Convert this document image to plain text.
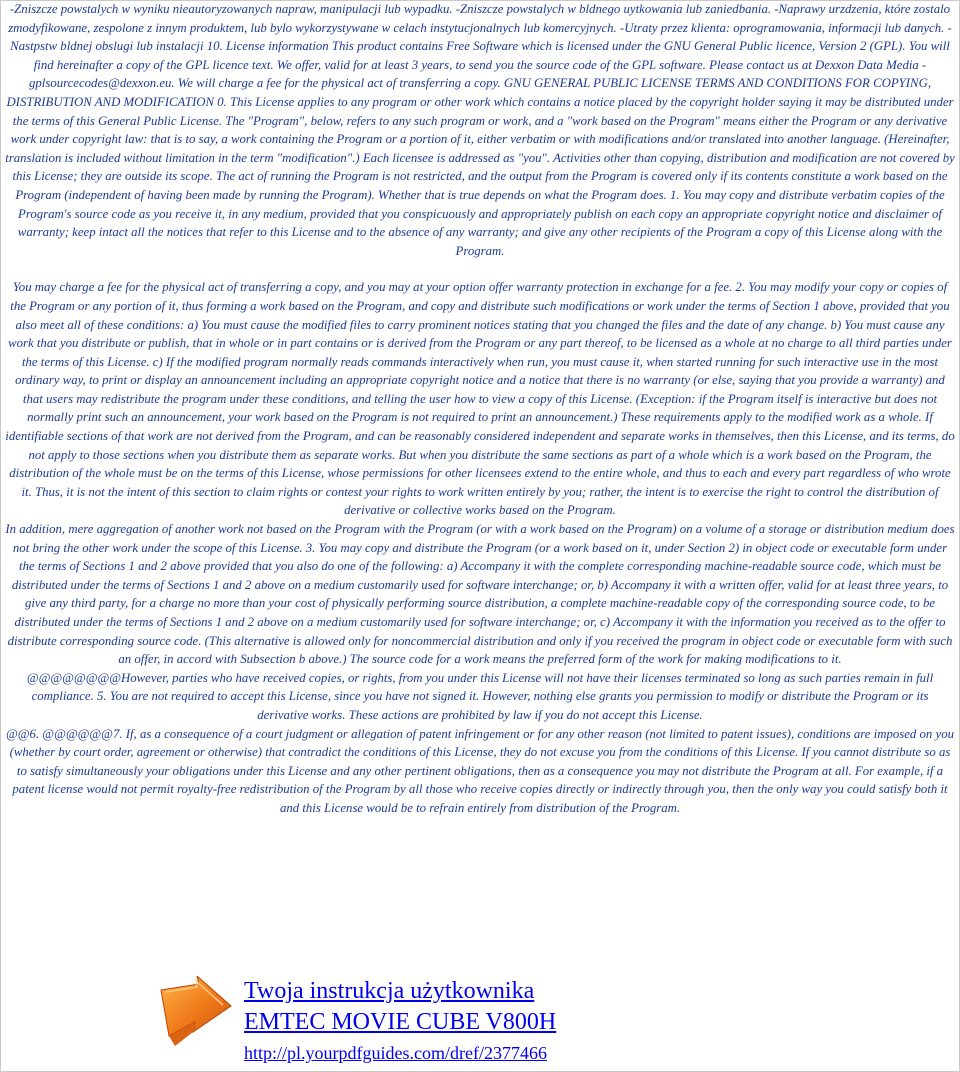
-Zniszcze powstalych w wyniku nieautoryzowanych napraw, manipulacji lub wypadku. -Zniszcze powstalych w bldnego uytkowania lub zaniedbania. -Naprawy urzdzenia, które zostalo zmodyfikowane, zespolone z innym produktem, lub bylo wykorzystywane w celach instytucjonalnych lub komercyjnych. -Utraty przez klienta: oprogramowania, informacji lub danych. -Nastpstw bldnej obslugi lub instalacji 10. License information This product contains Free Software which is licensed under the GNU General Public licence, Version 2 (GPL). You will find hereinafter a copy of the GPL licence text. We offer, valid for at least 3 years, to send you the source code of the GPL software. Please contact us at Dexxon Data Media - gplsourcecodes@dexxon.eu. We will charge a fee for the physical act of transferring a copy. GNU GENERAL PUBLIC LICENSE TERMS AND CONDITIONS FOR COPYING, DISTRIBUTION AND MODIFICATION 0. This License applies to any program or other work which contains a notice placed by the copyright holder saying it may be distributed under the terms of this General Public License. The "Program", below, refers to any such program or work, and a "work based on the Program" means either the Program or any derivative work under copyright law: that is to say, a work containing the Program or a portion of it, either verbatim or with modifications and/or translated into another language. (Hereinafter, translation is included without limitation in the term "modification".) Each licensee is addressed as "you". Activities other than copying, distribution and modification are not covered by this License; they are outside its scope. The act of running the Program is not restricted, and the output from the Program is covered only if its contents constitute a work based on the Program (independent of having been made by running the Program). Whether that is true depends on what the Program does. 1. You may copy and distribute verbatim copies of the Program's source code as you receive it, in any medium, provided that you conspicuously and appropriately publish on each copy an appropriate copyright notice and disclaimer of warranty; keep intact all the notices that refer to this License and to the absence of any warranty; and give any other recipients of the Program a copy of this License along with the Program.

You may charge a fee for the physical act of transferring a copy, and you may at your option offer warranty protection in exchange for a fee. 2. You may modify your copy or copies of the Program or any portion of it, thus forming a work based on the Program, and copy and distribute such modifications or work under the terms of Section 1 above, provided that you also meet all of these conditions: a) You must cause the modified files to carry prominent notices stating that you changed the files and the date of any change. b) You must cause any work that you distribute or publish, that in whole or in part contains or is derived from the Program or any part thereof, to be licensed as a whole at no charge to all third parties under the terms of this License. c) If the modified program normally reads commands interactively when run, you must cause it, when started running for such interactive use in the most ordinary way, to print or display an announcement including an appropriate copyright notice and a notice that there is no warranty (or else, saying that you provide a warranty) and that users may redistribute the program under these conditions, and telling the user how to view a copy of this License. (Exception: if the Program itself is interactive but does not normally print such an announcement, your work based on the Program is not required to print an announcement.) These requirements apply to the modified work as a whole. If identifiable sections of that work are not derived from the Program, and can be reasonably considered independent and separate works in themselves, then this License, and its terms, do not apply to those sections when you distribute them as separate works. But when you distribute the same sections as part of a whole which is a work based on the Program, the distribution of the whole must be on the terms of this License, whose permissions for other licensees extend to the entire whole, and thus to each and every part regardless of who wrote it. Thus, it is not the intent of this section to claim rights or contest your rights to work written entirely by you; rather, the intent is to exercise the right to control the distribution of derivative or collective works based on the Program.

In addition, mere aggregation of another work not based on the Program with the Program (or with a work based on the Program) on a volume of a storage or distribution medium does not bring the other work under the scope of this License. 3. You may copy and distribute the Program (or a work based on it, under Section 2) in object code or executable form under the terms of Sections 1 and 2 above provided that you also do one of the following: a) Accompany it with the complete corresponding machine-readable source code, which must be distributed under the terms of Sections 1 and 2 above on a medium customarily used for software interchange; or, b) Accompany it with a written offer, valid for at least three years, to give any third party, for a charge no more than your cost of physically performing source distribution, a complete machine-readable copy of the corresponding source code, to be distributed under the terms of Sections 1 and 2 above on a medium customarily used for software interchange; or, c) Accompany it with the information you received as to the offer to distribute corresponding source code. (This alternative is allowed only for noncommercial distribution and only if you received the program in object code or executable form with such an offer, in accord with Subsection b above.) The source code for a work means the preferred form of the work for making modifications to it.

@@@@@@@@However, parties who have received copies, or rights, from you under this License will not have their licenses terminated so long as such parties remain in full compliance. 5. You are not required to accept this License, since you have not signed it. However, nothing else grants you permission to modify or distribute the Program or its derivative works. These actions are prohibited by law if you do not accept this License.

@@6. @@@@@@7. If, as a consequence of a court judgment or allegation of patent infringement or for any other reason (not limited to patent issues), conditions are imposed on you (whether by court order, agreement or otherwise) that contradict the conditions of this License, they do not excuse you from the conditions of this License. If you cannot distribute so as to satisfy simultaneously your obligations under this License and any other pertinent obligations, then as a consequence you may not distribute the Program at all. For example, if a patent license would not permit royalty-free redistribution of the Program by all those who receive copies directly or indirectly through you, then the only way you could satisfy both it and this License would be to refrain entirely from distribution of the Program.

Twoja instrukcja użytkownika
EMTEC MOVIE CUBE V800H
http://pl.yourpdfguides.com/dref/2377466
